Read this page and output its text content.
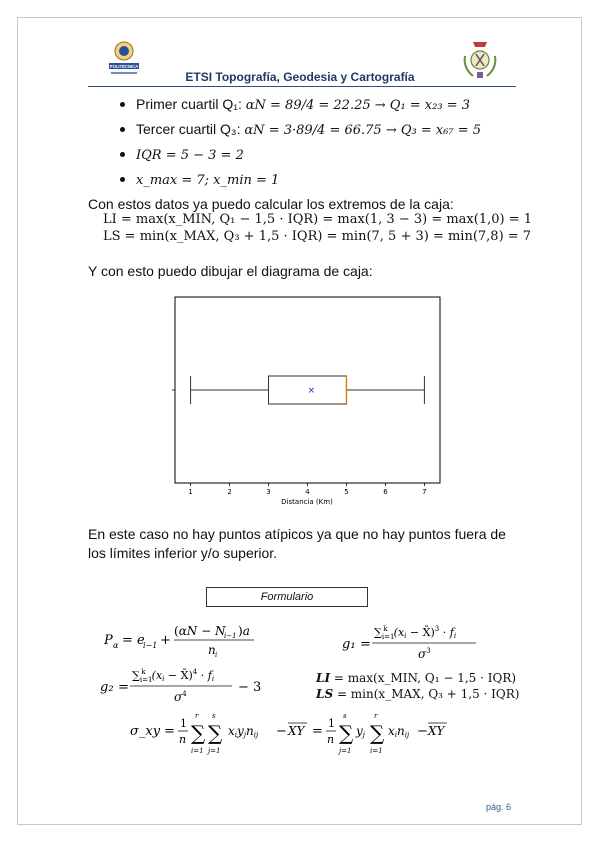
POLITÉCNICA
ETSI Topografía, Geodesia y Cartografía
Primer cuartil Q₁: αN = 89/4 = 22.25 → Q₁ = x₂₃ = 3
Tercer cuartil Q₃: αN = 3·89/4 = 66.75 → Q₃ = x₆₇ = 5
IQR = 5 − 3 = 2
x_max = 7; x_min = 1
Con estos datos ya puedo calcular los extremos de la caja:
LI = max(x_MIN, Q₁ − 1,5 · IQR) = max(1, 3 − 3) = max(1,0) = 1
LS = min(x_MAX, Q₃ + 1,5 · IQR) = min(7, 5 + 3) = min(7,8) = 7
Y con esto puedo dibujar el diagrama de caja:
1	2	3	4	5	6	7
×
Distancia (Km)
En este caso no hay puntos atípicos ya que no hay puntos fuera de
los límites inferior y/o superior.
Formulario
P α = e
i−1 +
(αN − N
i−1 )a
n i
g₁ =
$\sum_{i=1}k$ (xi − X̄)$^3$ · fi
$\sigma^3$
g₂ =
$\sum_{i=1}k$ (xi − X̄)$^4$ · fi
$\sigma^4$	− 3
LI = max(x_MIN, Q₁ − 1,5 · IQR)
LS = min(x_MAX, Q₃ + 1,5 · IQR)
σ_xy =
1
n ∑
r
i=1
∑
s
j=1
xiyjnij − XY =
1
n ∑
s
j=1
yj ∑
r
i=1
xinij − XY
pág. 6
